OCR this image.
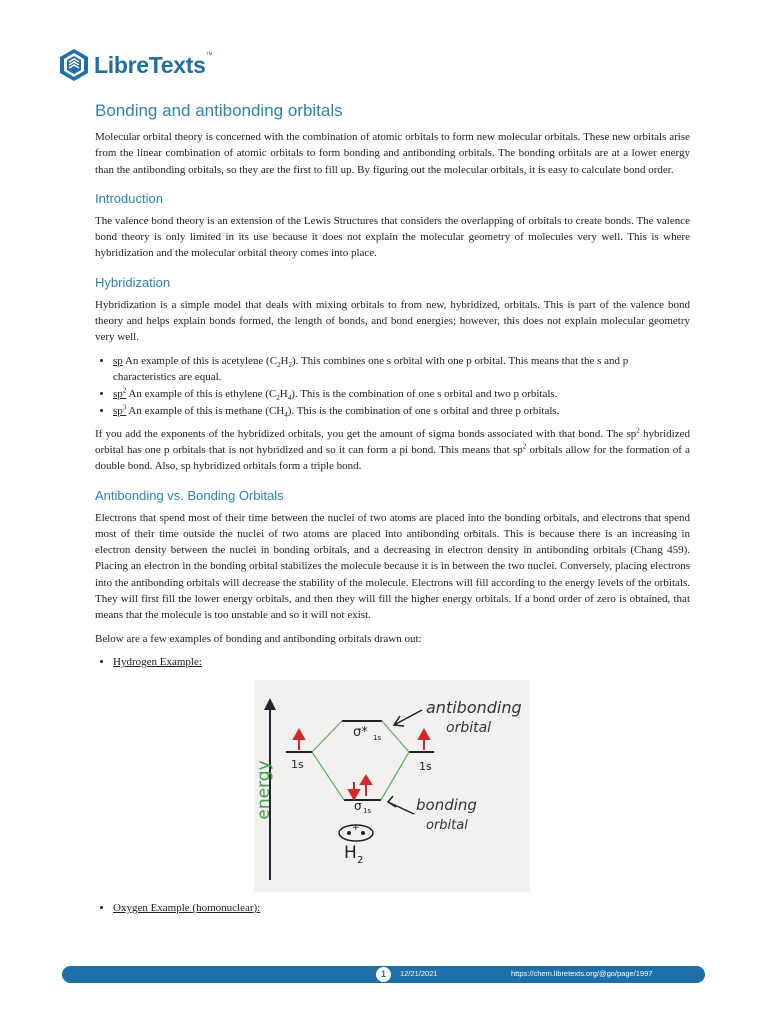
LibreTexts™
Bonding and antibonding orbitals

Molecular orbital theory is concerned with the combination of atomic orbitals to form new molecular orbitals. These new orbitals arise from the linear combination of atomic orbitals to form bonding and antibonding orbitals. The bonding orbitals are at a lower energy than the antibonding orbitals, so they are the first to fill up. By figuring out the molecular orbitals, it is easy to calculate bond order.

Introduction

The valence bond theory is an extension of the Lewis Structures that considers the overlapping of orbitals to create bonds. The valence bond theory is only limited in its use because it does not explain the molecular geometry of molecules very well. This is where hybridization and the molecular orbital theory comes into place.

Hybridization

Hybridization is a simple model that deals with mixing orbitals to from new, hybridized, orbitals. This is part of the valence bond theory and helps explain bonds formed, the length of bonds, and bond energies; however, this does not explain molecular geometry very well.

• sp An example of this is acetylene $(C_2H_2)$. This combines one s orbital with one p orbital. This means that the s and p characteristics are equal.
• $sp^2$ An example of this is ethylene $(C_2H_4)$. This is the combination of one s orbital and two p orbitals.
• $sp^3$ An example of this is methane $(CH_4)$. This is the combination of one s orbital and three p orbitals.

If you add the exponents of the hybridized orbitals, you get the amount of sigma bonds associated with that bond. The $sp^2$ hybridized orbital has one p orbitals that is not hybridized and so it can form a pi bond. This means that $sp^2$ orbitals allow for the formation of a double bond. Also, sp hybridized orbitals form a triple bond.

Antibonding vs. Bonding Orbitals

Electrons that spend most of their time between the nuclei of two atoms are placed into the bonding orbitals, and electrons that spend most of their time outside the nuclei of two atoms are placed into antibonding orbitals. This is because there is an increasing in electron density between the nuclei in bonding orbitals, and a decreasing in electron density in antibonding orbitals (Chang 459). Placing an electron in the bonding orbital stabilizes the molecule because it is in between the two nuclei. Conversely, placing electrons into the antibonding orbitals will decrease the stability of the molecule. Electrons will fill according to the energy levels of the orbitals. They will first fill the lower energy orbitals, and then they will fill the higher energy orbitals. If a bond order of zero is obtained, that means that the molecule is too unstable and so it will not exist.

Below are a few examples of bonding and antibonding orbitals drawn out:

• Hydrogen Example:
energy 1s	1s
σ* 1s
σ 1s
antibonding
orbital
bonding
orbital
+
H 2
• Oxygen Example (homonuclear):
1	12/21/2021	https://chem.libretexts.org/@go/page/1997
